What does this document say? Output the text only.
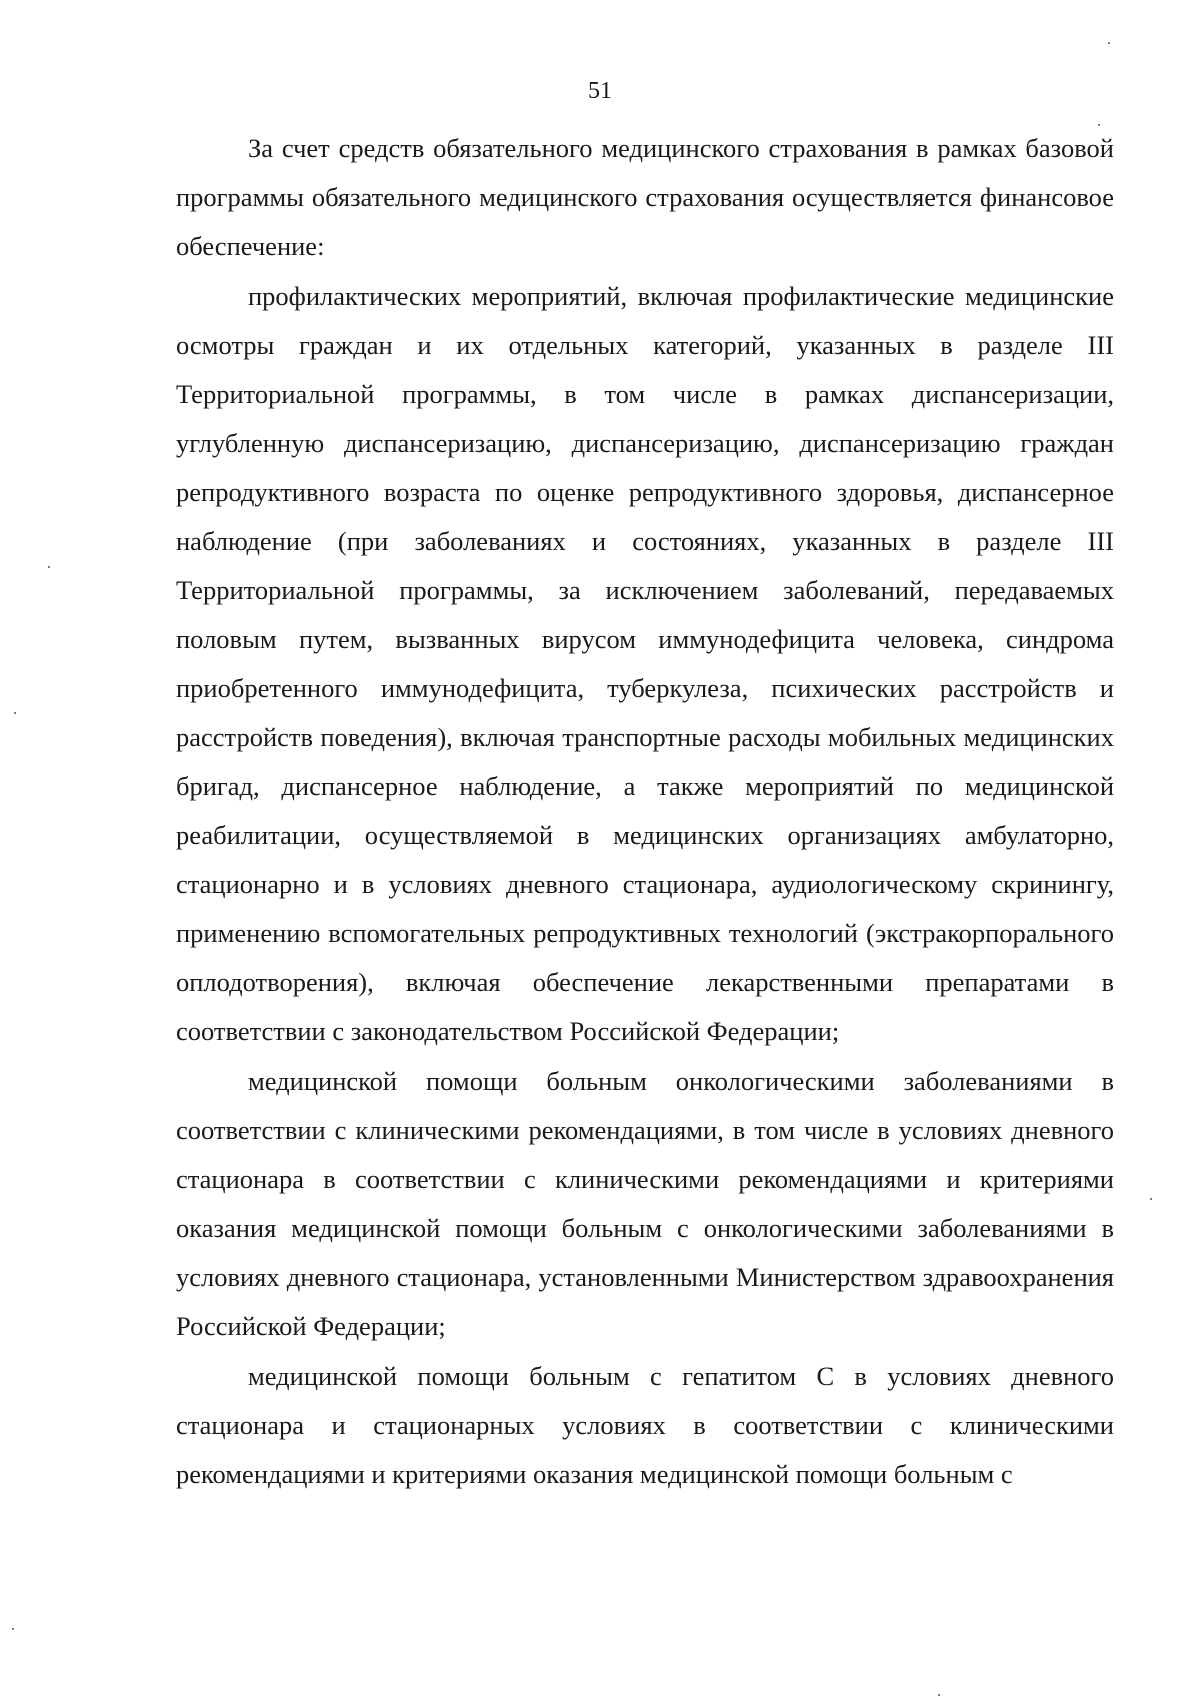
51

За счет средств обязательного медицинского страхования в рамках базовой программы обязательного медицинского страхования осуществляется финансовое обеспечение:

профилактических мероприятий, включая профилактические медицинские осмотры граждан и их отдельных категорий, указанных в разделе III Территориальной программы, в том числе в рамках диспансеризации, углубленную диспансеризацию, диспансеризацию, диспансеризацию граждан репродуктивного возраста по оценке репродуктивного здоровья, диспансерное наблюдение (при заболеваниях и состояниях, указанных в разделе III Территориальной программы, за исключением заболеваний, передаваемых половым путем, вызванных вирусом иммунодефицита человека, синдрома приобретенного иммунодефицита, туберкулеза, психических расстройств и расстройств поведения), включая транспортные расходы мобильных медицинских бригад, диспансерное наблюдение, а также мероприятий по медицинской реабилитации, осуществляемой в медицинских организациях амбулаторно, стационарно и в условиях дневного стационара, аудиологическому скринингу, применению вспомогательных репродуктивных технологий (экстракорпорального оплодотворения), включая обеспечение лекарственными препаратами в соответствии с законодательством Российской Федерации;

медицинской помощи больным онкологическими заболеваниями в соответствии с клиническими рекомендациями, в том числе в условиях дневного стационара в соответствии с клиническими рекомендациями и критериями оказания медицинской помощи больным с онкологическими заболеваниями в условиях дневного стационара, установленными Министерством здравоохранения Российской Федерации;

медицинской помощи больным с гепатитом С в условиях дневного стационара и стационарных условиях в соответствии с клиническими рекомендациями и критериями оказания медицинской помощи больным с
